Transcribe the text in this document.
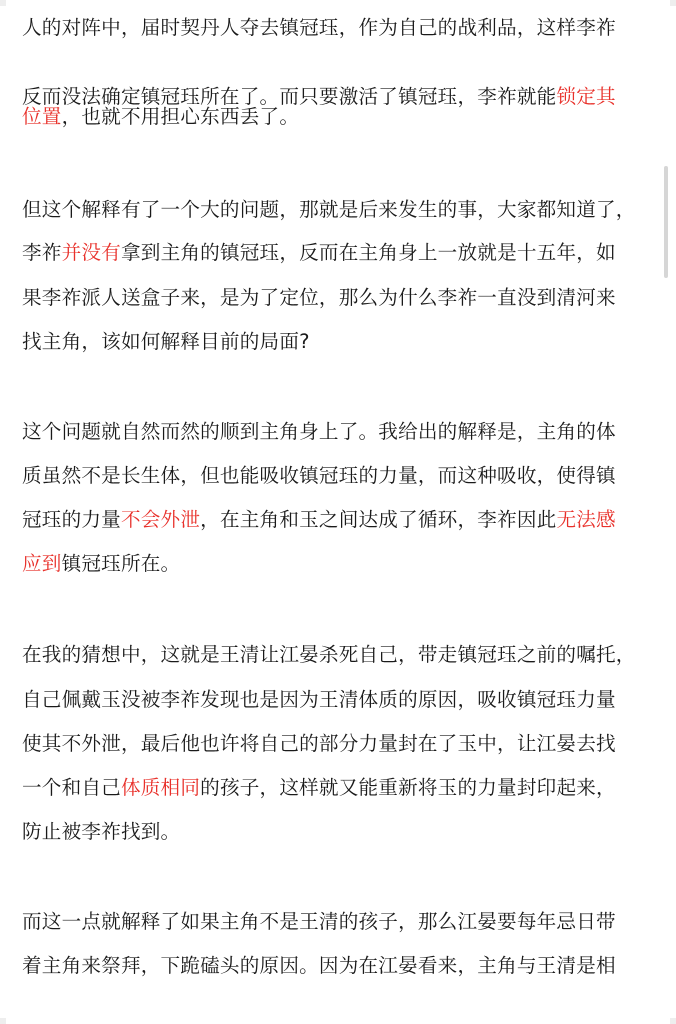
人的对阵中，届时契丹人夺去镇冠珏，作为自己的战利品，这样李祚
反而没法确定镇冠珏所在了。而只要激活了镇冠珏，李祚就能锁定其
位置，也就不用担心东西丢了。
但这个解释有了一个大的问题，那就是后来发生的事，大家都知道了，
李祚并没有拿到主角的镇冠珏，反而在主角身上一放就是十五年，如
果李祚派人送盒子来，是为了定位，那么为什么李祚一直没到清河来
找主角，该如何解释目前的局面?
这个问题就自然而然的顺到主角身上了。我给出的解释是，主角的体
质虽然不是长生体，但也能吸收镇冠珏的力量，而这种吸收，使得镇
冠珏的力量不会外泄，在主角和玉之间达成了循环，李祚因此无法感
应到镇冠珏所在。
在我的猜想中，这就是王清让江晏杀死自己，带走镇冠珏之前的嘱托，
自己佩戴玉没被李祚发现也是因为王清体质的原因，吸收镇冠珏力量
使其不外泄，最后他也许将自己的部分力量封在了玉中，让江晏去找
一个和自己体质相同的孩子，这样就又能重新将玉的力量封印起来，
防止被李祚找到。
而这一点就解释了如果主角不是王清的孩子，那么江晏要每年忌日带
着主角来祭拜，下跪磕头的原因。因为在江晏看来，主角与王清是相
